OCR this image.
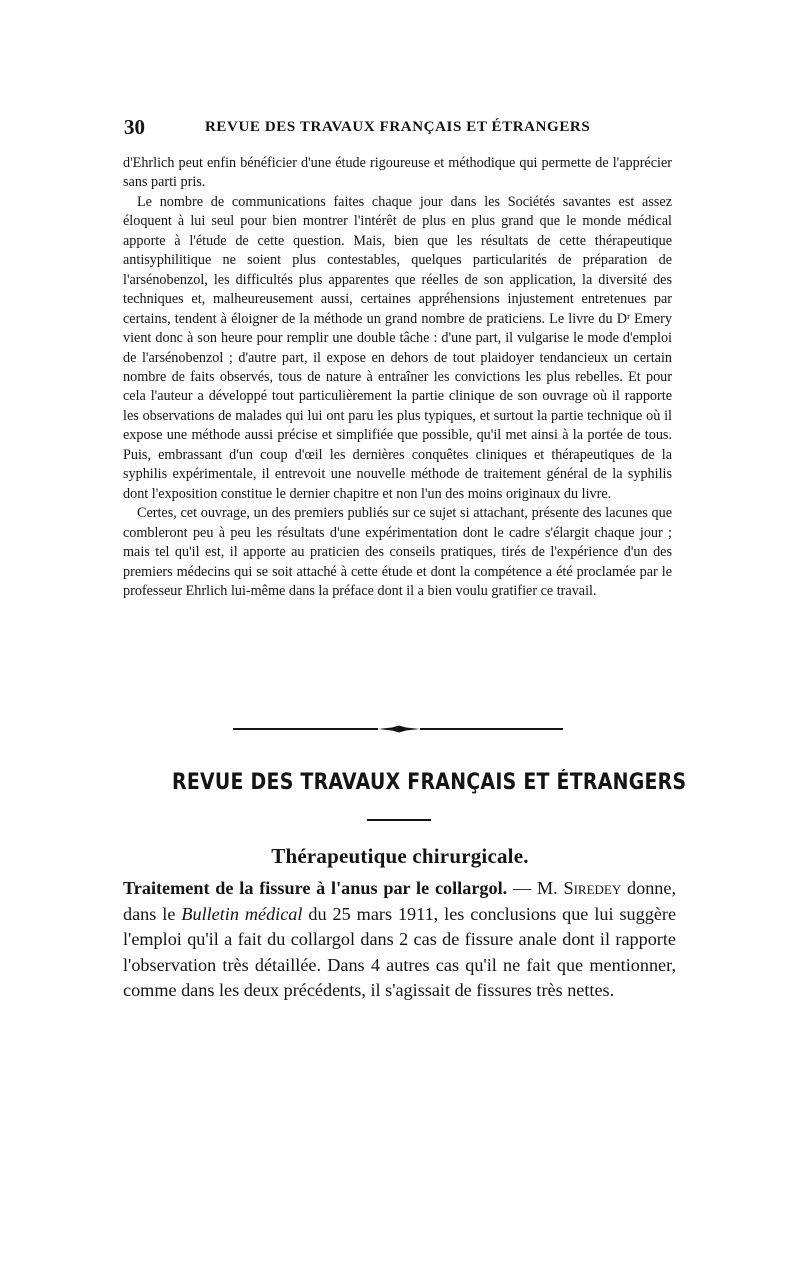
30	REVUE DES TRAVAUX FRANÇAIS ET ÉTRANGERS

d'Ehrlich peut enfin bénéficier d'une étude rigoureuse et méthodique qui permette de l'apprécier sans parti pris.

Le nombre de communications faites chaque jour dans les Sociétés savantes est assez éloquent à lui seul pour bien montrer l'intérêt de plus en plus grand que le monde médical apporte à l'étude de cette question. Mais, bien que les résultats de cette thérapeutique antisyphilitique ne soient plus contestables, quelques particularités de préparation de l'arsénobenzol, les difficultés plus apparentes que réelles de son application, la diversité des techniques et, malheureusement aussi, certaines appréhensions injustement entretenues par certains, tendent à éloigner de la méthode un grand nombre de praticiens. Le livre du Dʳ Emery vient donc à son heure pour remplir une double tâche : d'une part, il vulgarise le mode d'emploi de l'arsénobenzol ; d'autre part, il expose en dehors de tout plaidoyer tendancieux un certain nombre de faits observés, tous de nature à entraîner les convictions les plus rebelles. Et pour cela l'auteur a développé tout particulièrement la partie clinique de son ouvrage où il rapporte les observations de malades qui lui ont paru les plus typiques, et surtout la partie technique où il expose une méthode aussi précise et simplifiée que possible, qu'il met ainsi à la portée de tous. Puis, embrassant d'un coup d'œil les dernières conquêtes cliniques et thérapeutiques de la syphilis expérimentale, il entrevoit une nouvelle méthode de traitement général de la syphilis dont l'exposition constitue le dernier chapitre et non l'un des moins originaux du livre.

Certes, cet ouvrage, un des premiers publiés sur ce sujet si attachant, présente des lacunes que combleront peu à peu les résultats d'une expérimentation dont le cadre s'élargit chaque jour ; mais tel qu'il est, il apporte au praticien des conseils pratiques, tirés de l'expérience d'un des premiers médecins qui se soit attaché à cette étude et dont la compétence a été proclamée par le professeur Ehrlich lui-même dans la préface dont il a bien voulu gratifier ce travail.

REVUE DES TRAVAUX FRANÇAIS ET ÉTRANGERS
Thérapeutique chirurgicale.

Traitement de la fissure à l'anus par le collargol. — M. Siredey donne, dans le Bulletin médical du 25 mars 1911, les conclusions que lui suggère l'emploi qu'il a fait du collargol dans 2 cas de fissure anale dont il rapporte l'observation très détaillée. Dans 4 autres cas qu'il ne fait que mentionner, comme dans les deux précédents, il s'agissait de fissures très nettes.
